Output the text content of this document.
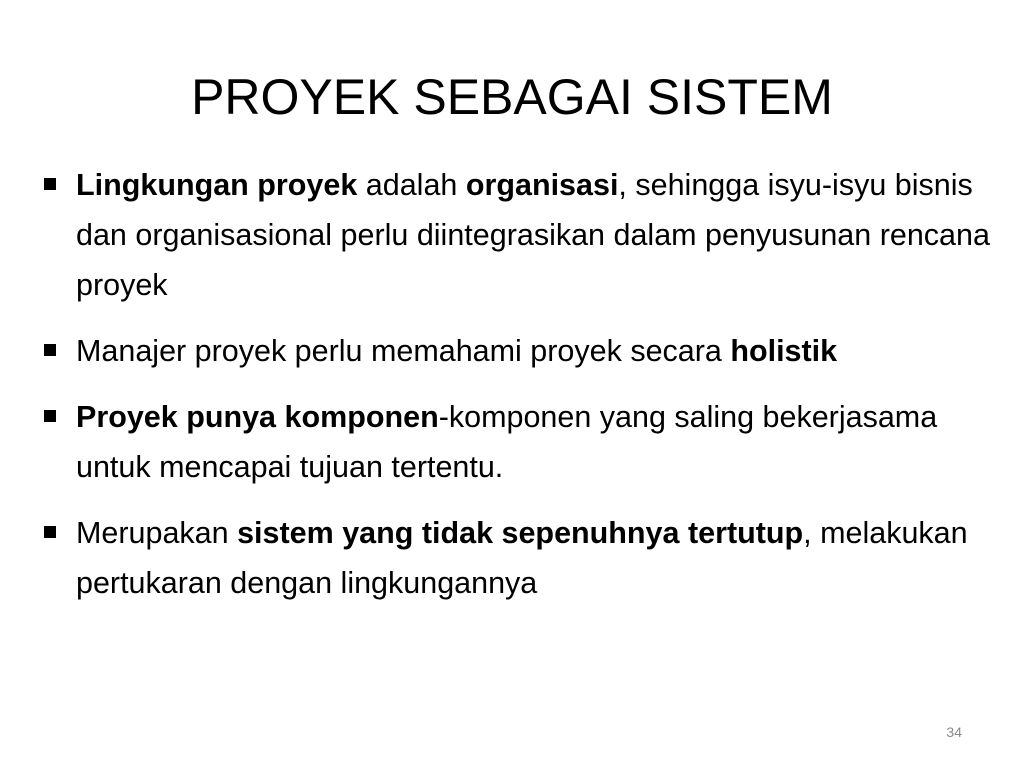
PROYEK SEBAGAI SISTEM
Lingkungan proyek adalah organisasi, sehingga isyu-isyu bisnis dan organisasional perlu diintegrasikan dalam penyusunan rencana proyek
Manajer proyek perlu memahami proyek secara holistik
Proyek punya komponen-komponen yang saling bekerjasama untuk mencapai tujuan tertentu.
Merupakan sistem yang tidak sepenuhnya tertutup, melakukan pertukaran dengan lingkungannya
34
